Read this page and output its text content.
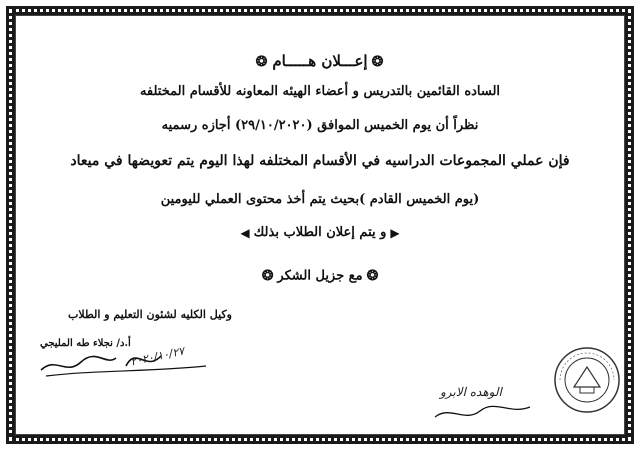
❂إعـــلان هـــــام❂
الساده القائمين بالتدريس و أعضاء الهيئه المعاونه للأقسام المختلفه
نظراً أن يوم الخميس الموافق (٢٩/١٠/٢٠٢٠) أجازه رسميه
فإن عملي المجموعات الدراسيه في الأقسام المختلفه لهذا اليوم يتم تعويضها في ميعاد
(يوم الخميس القادم )بحيث يتم أخذ محتوى العملي لليومين
▶و يتم إعلان الطلاب بذلك◀
❂مع جزيل الشكر❂
وكيل الكليه لشئون التعليم و الطلاب
أ.د/ نجلاء طه المليجي
٢٠٢٠/١٠/٢٧
الوهده الابرو
